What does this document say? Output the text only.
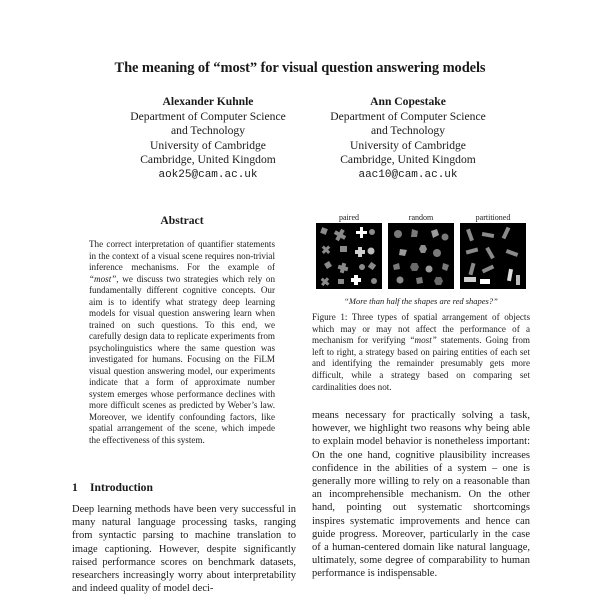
The meaning of “most” for visual question answering models
Alexander Kuhnle
Department of Computer Science
and Technology
University of Cambridge
Cambridge, United Kingdom
aok25@cam.ac.uk
Ann Copestake
Department of Computer Science
and Technology
University of Cambridge
Cambridge, United Kingdom
aac10@cam.ac.uk
Abstract
The correct interpretation of quantifier statements in the context of a visual scene requires non-trivial inference mechanisms. For the example of “most”, we discuss two strategies which rely on fundamentally different cognitive concepts. Our aim is to identify what strategy deep learning models for visual question answering learn when trained on such questions. To this end, we carefully design data to replicate experiments from psycholinguistics where the same question was investigated for humans. Focusing on the FiLM visual question answering model, our experiments indicate that a form of approximate number system emerges whose performance declines with more difficult scenes as predicted by Weber’s law. Moreover, we identify confounding factors, like spatial arrangement of the scene, which impede the effectiveness of this system.
1 Introduction
Deep learning methods have been very successful in many natural language processing tasks, ranging from syntactic parsing to machine translation to image captioning. However, despite significantly raised performance scores on benchmark datasets, researchers increasingly worry about interpretability and indeed quality of model deci-
paired	random	partitioned
“More than half the shapes are red shapes?”
Figure 1: Three types of spatial arrangement of objects which may or may not affect the performance of a mechanism for verifying “most” statements. Going from left to right, a strategy based on pairing entities of each set and identifying the remainder presumably gets more difficult, while a strategy based on comparing set cardinalities does not.
means necessary for practically solving a task, however, we highlight two reasons why being able to explain model behavior is nonetheless important: On the one hand, cognitive plausibility increases confidence in the abilities of a system – one is generally more willing to rely on a reasonable than an incomprehensible mechanism. On the other hand, pointing out systematic shortcomings inspires systematic improvements and hence can guide progress. Moreover, particularly in the case of a human-centered domain like natural language, ultimately, some degree of comparability to human performance is indispensable.
